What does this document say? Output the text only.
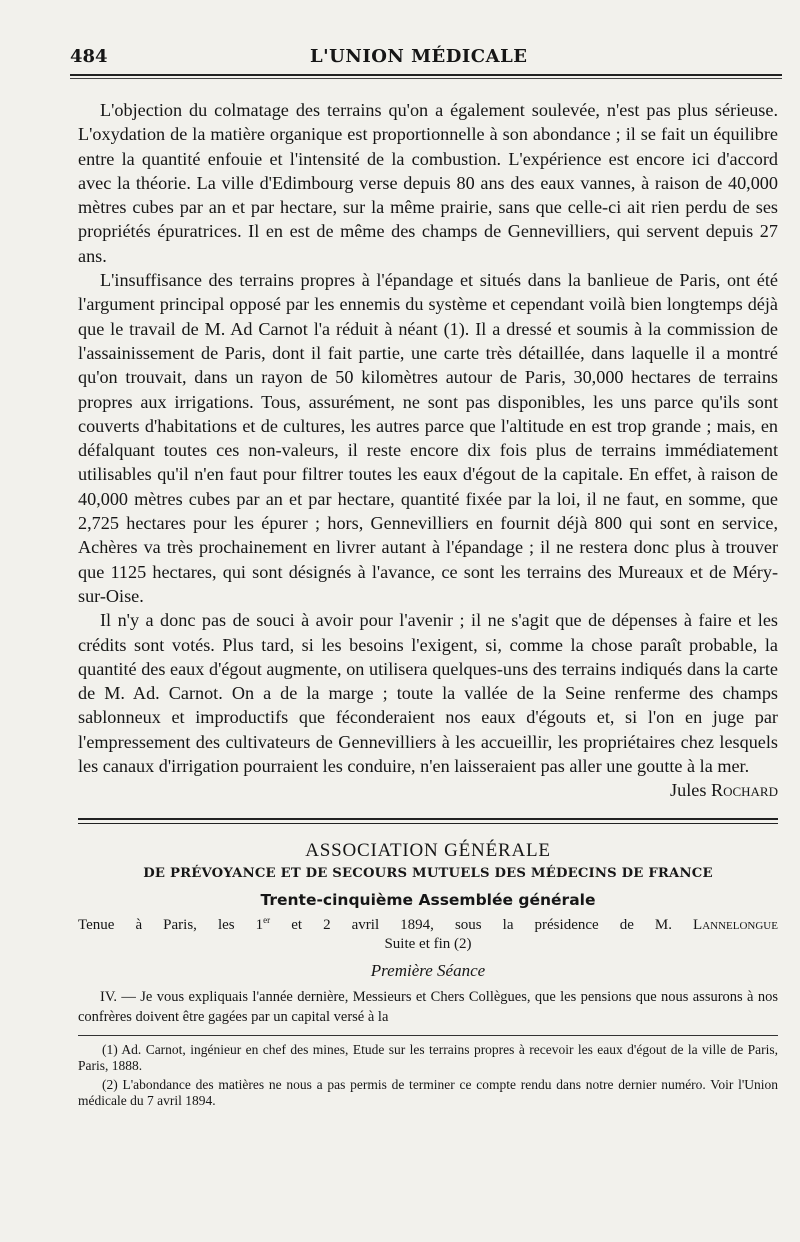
484	L'UNION MÉDICALE

L'objection du colmatage des terrains qu'on a également soulevée, n'est pas plus sérieuse. L'oxydation de la matière organique est proportionnelle à son abondance ; il se fait un équilibre entre la quantité enfouie et l'intensité de la combustion. L'expérience est encore ici d'accord avec la théorie. La ville d'Edimbourg verse depuis 80 ans des eaux vannes, à raison de 40,000 mètres cubes par an et par hectare, sur la même prairie, sans que celle-ci ait rien perdu de ses propriétés épuratrices. Il en est de même des champs de Gennevilliers, qui servent depuis 27 ans.

L'insuffisance des terrains propres à l'épandage et situés dans la banlieue de Paris, ont été l'argument principal opposé par les ennemis du système et cependant voilà bien longtemps déjà que le travail de M. Ad Carnot l'a réduit à néant (1). Il a dressé et soumis à la commission de l'assainissement de Paris, dont il fait partie, une carte très détaillée, dans laquelle il a montré qu'on trouvait, dans un rayon de 50 kilomètres autour de Paris, 30,000 hectares de terrains propres aux irrigations. Tous, assurément, ne sont pas disponibles, les uns parce qu'ils sont couverts d'habitations et de cultures, les autres parce que l'altitude en est trop grande ; mais, en défalquant toutes ces non-valeurs, il reste encore dix fois plus de terrains immédiatement utilisables qu'il n'en faut pour filtrer toutes les eaux d'égout de la capitale. En effet, à raison de 40,000 mètres cubes par an et par hectare, quantité fixée par la loi, il ne faut, en somme, que 2,725 hectares pour les épurer ; hors, Gennevilliers en fournit déjà 800 qui sont en service, Achères va très prochainement en livrer autant à l'épandage ; il ne restera donc plus à trouver que 1125 hectares, qui sont désignés à l'avance, ce sont les terrains des Mureaux et de Méry-sur-Oise.

Il n'y a donc pas de souci à avoir pour l'avenir ; il ne s'agit que de dépenses à faire et les crédits sont votés. Plus tard, si les besoins l'exigent, si, comme la chose paraît probable, la quantité des eaux d'égout augmente, on utilisera quelques-uns des terrains indiqués dans la carte de M. Ad. Carnot. On a de la marge ; toute la vallée de la Seine renferme des champs sablonneux et improductifs que féconderaient nos eaux d'égouts et, si l'on en juge par l'empressement des cultivateurs de Gennevilliers à les accueillir, les propriétaires chez lesquels les canaux d'irrigation pourraient les conduire, n'en laisseraient pas aller une goutte à la mer.

Jules Rochard

ASSOCIATION GÉNÉRALE
DE PRÉVOYANCE ET DE SECOURS MUTUELS DES MÉDECINS DE FRANCE
Trente-cinquième Assemblée générale

Tenue à Paris, les 1er et 2 avril 1894, sous la présidence de M. Lannelongue

Suite et fin (2)
Première Séance

IV. — Je vous expliquais l'année dernière, Messieurs et Chers Collègues, que les pensions que nous assurons à nos confrères doivent être gagées par un capital versé à la

(1) Ad. Carnot, ingénieur en chef des mines, Etude sur les terrains propres à recevoir les eaux d'égout de la ville de Paris, Paris, 1888.

(2) L'abondance des matières ne nous a pas permis de terminer ce compte rendu dans notre dernier numéro. Voir l'Union médicale du 7 avril 1894.
